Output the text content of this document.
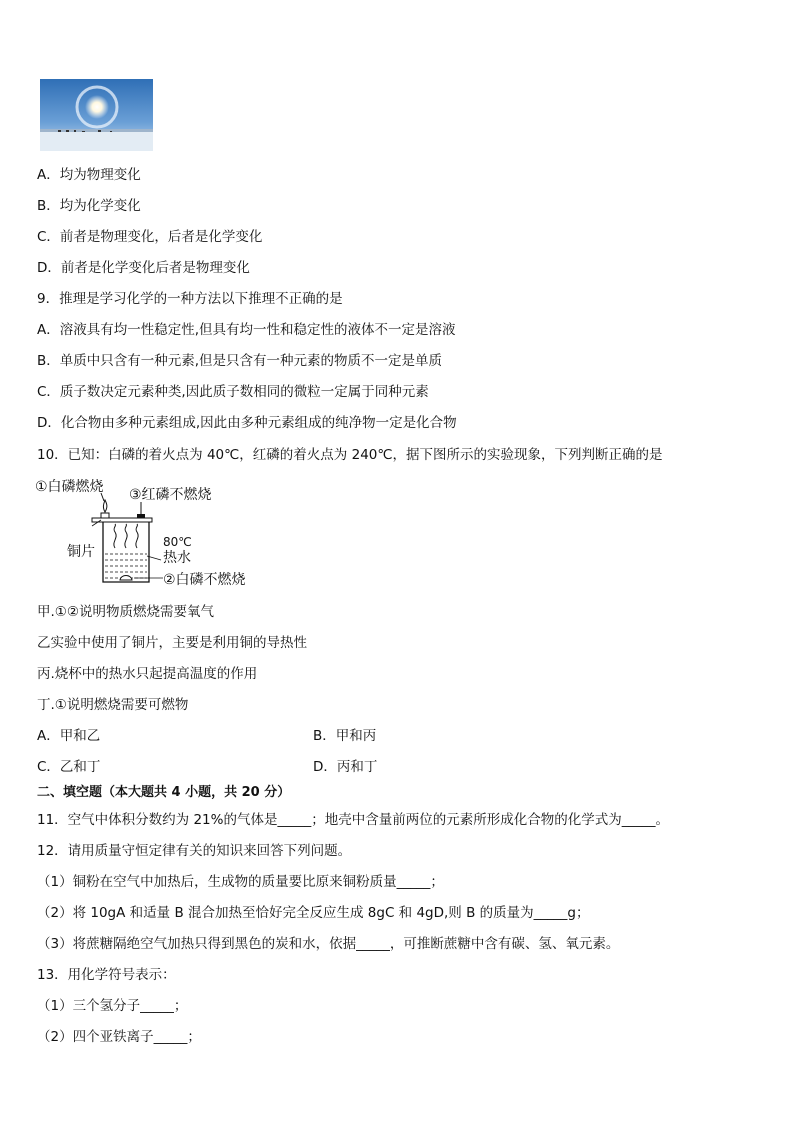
A．均为物理变化
B．均为化学变化
C．前者是物理变化，后者是化学变化
D．前者是化学变化后者是物理变化
9．推理是学习化学的一种方法以下推理不正确的是
A．溶液具有均一性稳定性,但具有均一性和稳定性的液体不一定是溶液
B．单质中只含有一种元素,但是只含有一种元素的物质不一定是单质
C．质子数决定元素种类,因此质子数相同的微粒一定属于同种元素
D．化合物由多种元素组成,因此由多种元素组成的纯净物一定是化合物
10．已知：白磷的着火点为 40℃，红磷的着火点为 240℃，据下图所示的实验现象，下列判断正确的是
①白磷燃烧 ③红磷不燃烧
铜片
80℃
热水
②白磷不燃烧
甲.①②说明物质燃烧需要氧气
乙实验中使用了铜片，主要是利用铜的导热性
丙.烧杯中的热水只起提高温度的作用
丁.①说明燃烧需要可燃物
A．甲和乙	B．甲和丙
C．乙和丁	D．丙和丁
二、填空题（本大题共 4 小题，共 20 分）
11．空气中体积分数约为 21%的气体是_____；地壳中含量前两位的元素所形成化合物的化学式为_____。
12．请用质量守恒定律有关的知识来回答下列问题。
（1）铜粉在空气中加热后，生成物的质量要比原来铜粉质量_____；
（2）将 10gA 和适量 B 混合加热至恰好完全反应生成 8gC 和 4gD,则 B 的质量为_____g；
（3）将蔗糖隔绝空气加热只得到黑色的炭和水，依据_____，可推断蔗糖中含有碳、氢、氧元素。
13．用化学符号表示：
（1）三个氢分子_____；
（2）四个亚铁离子_____；
